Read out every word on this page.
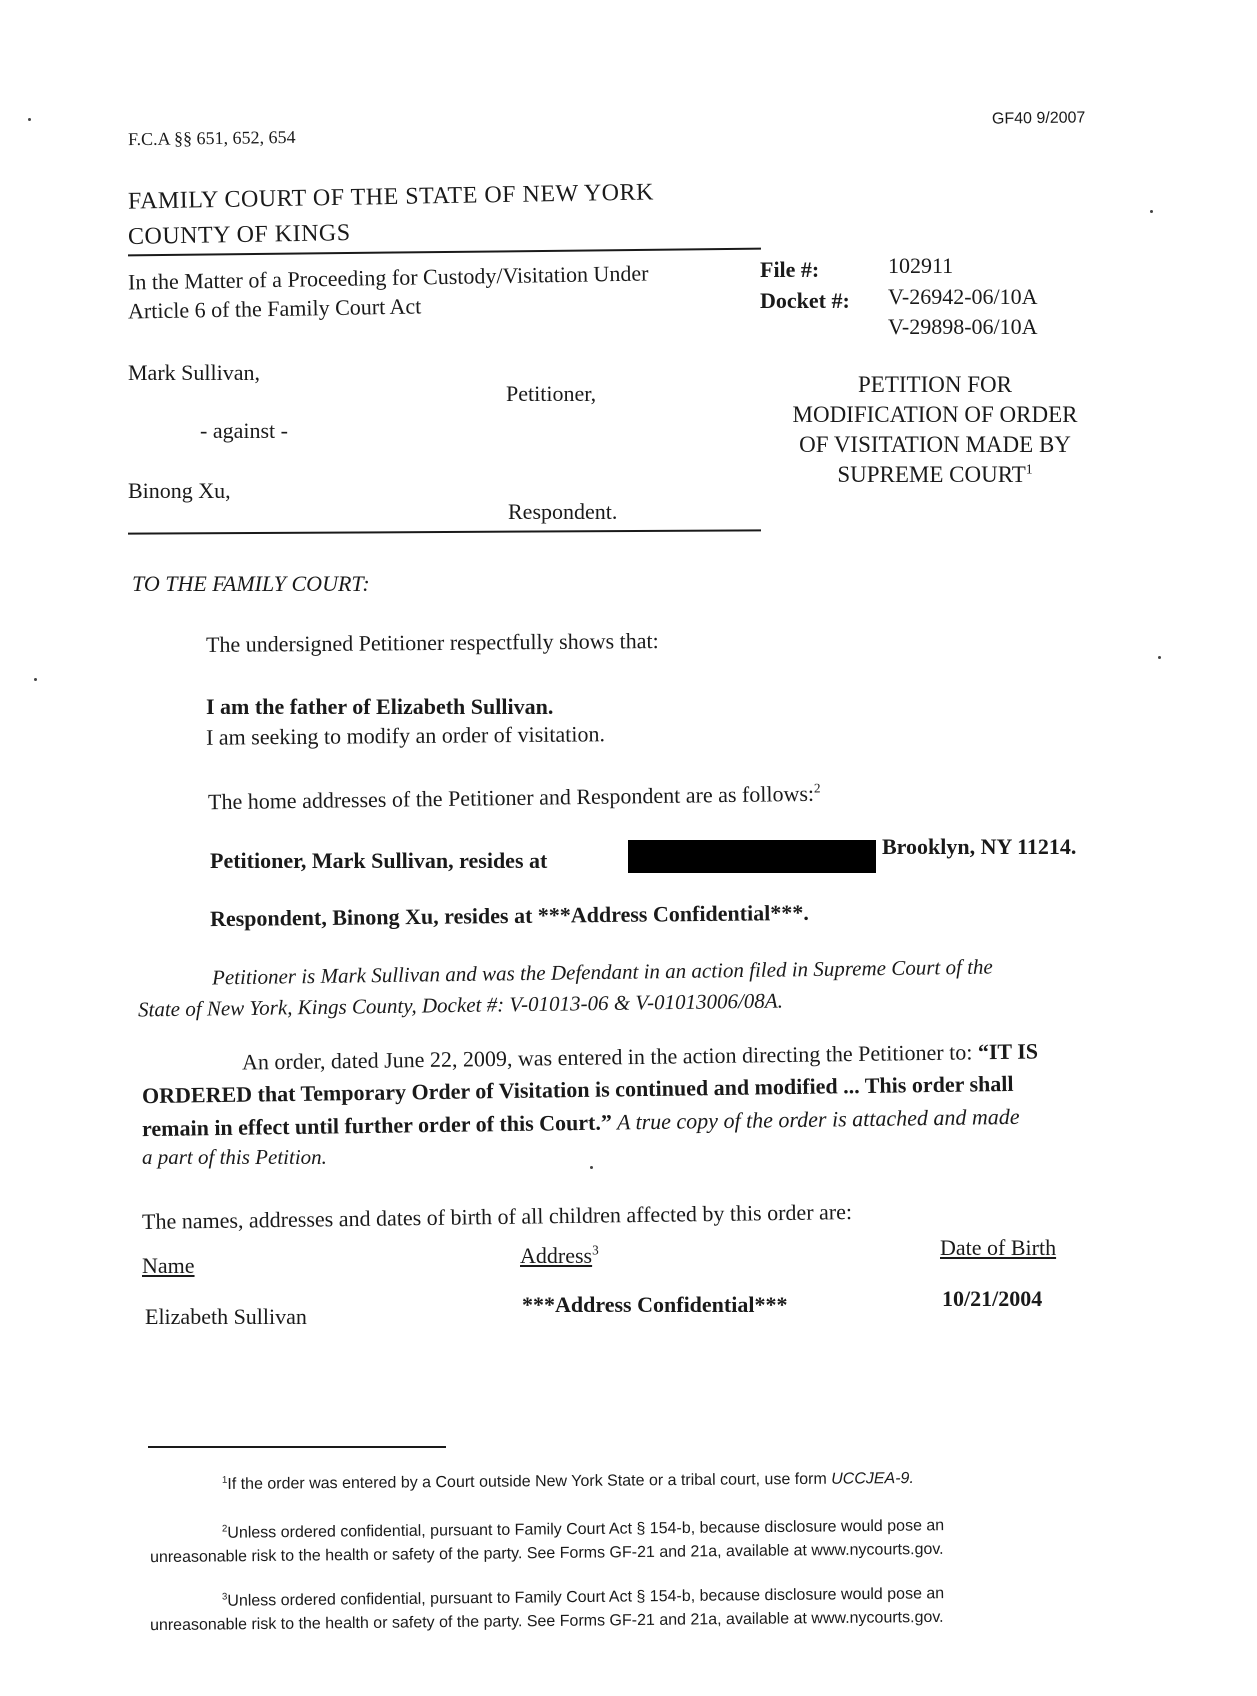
F.C.A §§ 651, 652, 654
GF40 9/2007
FAMILY COURT OF THE STATE OF NEW YORK
COUNTY OF KINGS
In the Matter of a Proceeding for Custody/Visitation Under
Article 6 of the Family Court Act
File #:	102911
Docket #: V-26942-06/10A
V-29898-06/10A
Mark Sullivan,
Petitioner,
- against -
Binong Xu,
Respondent.
PETITION FOR
MODIFICATION OF ORDER
OF VISITATION MADE BY
SUPREME COURT$^1$
TO THE FAMILY COURT:
The undersigned Petitioner respectfully shows that:
I am the father of Elizabeth Sullivan.
I am seeking to modify an order of visitation.
The home addresses of the Petitioner and Respondent are as follows:$^2$
Petitioner, Mark Sullivan, resides at
Brooklyn, NY 11214.
Respondent, Binong Xu, resides at ***Address Confidential***.
Petitioner is Mark Sullivan and was the Defendant in an action filed in Supreme Court of the
State of New York, Kings County, Docket #: V-01013-06 & V-01013006/08A.
An order, dated June 22, 2009, was entered in the action directing the Petitioner to: “IT IS
ORDERED that Temporary Order of Visitation is continued and modified ... This order shall
remain in effect until further order of this Court.” A true copy of the order is attached and made
a part of this Petition.
The names, addresses and dates of birth of all children affected by this order are:
Name	Address$^3$	Date of Birth
Elizabeth Sullivan	***Address Confidential***	10/21/2004
$^1$If the order was entered by a Court outside New York State or a tribal court, use form UCCJEA-9.
$^2$Unless ordered confidential, pursuant to Family Court Act § 154-b, because disclosure would pose an
unreasonable risk to the health or safety of the party. See Forms GF-21 and 21a, available at www.nycourts.gov.
$^3$Unless ordered confidential, pursuant to Family Court Act § 154-b, because disclosure would pose an
unreasonable risk to the health or safety of the party. See Forms GF-21 and 21a, available at www.nycourts.gov.
